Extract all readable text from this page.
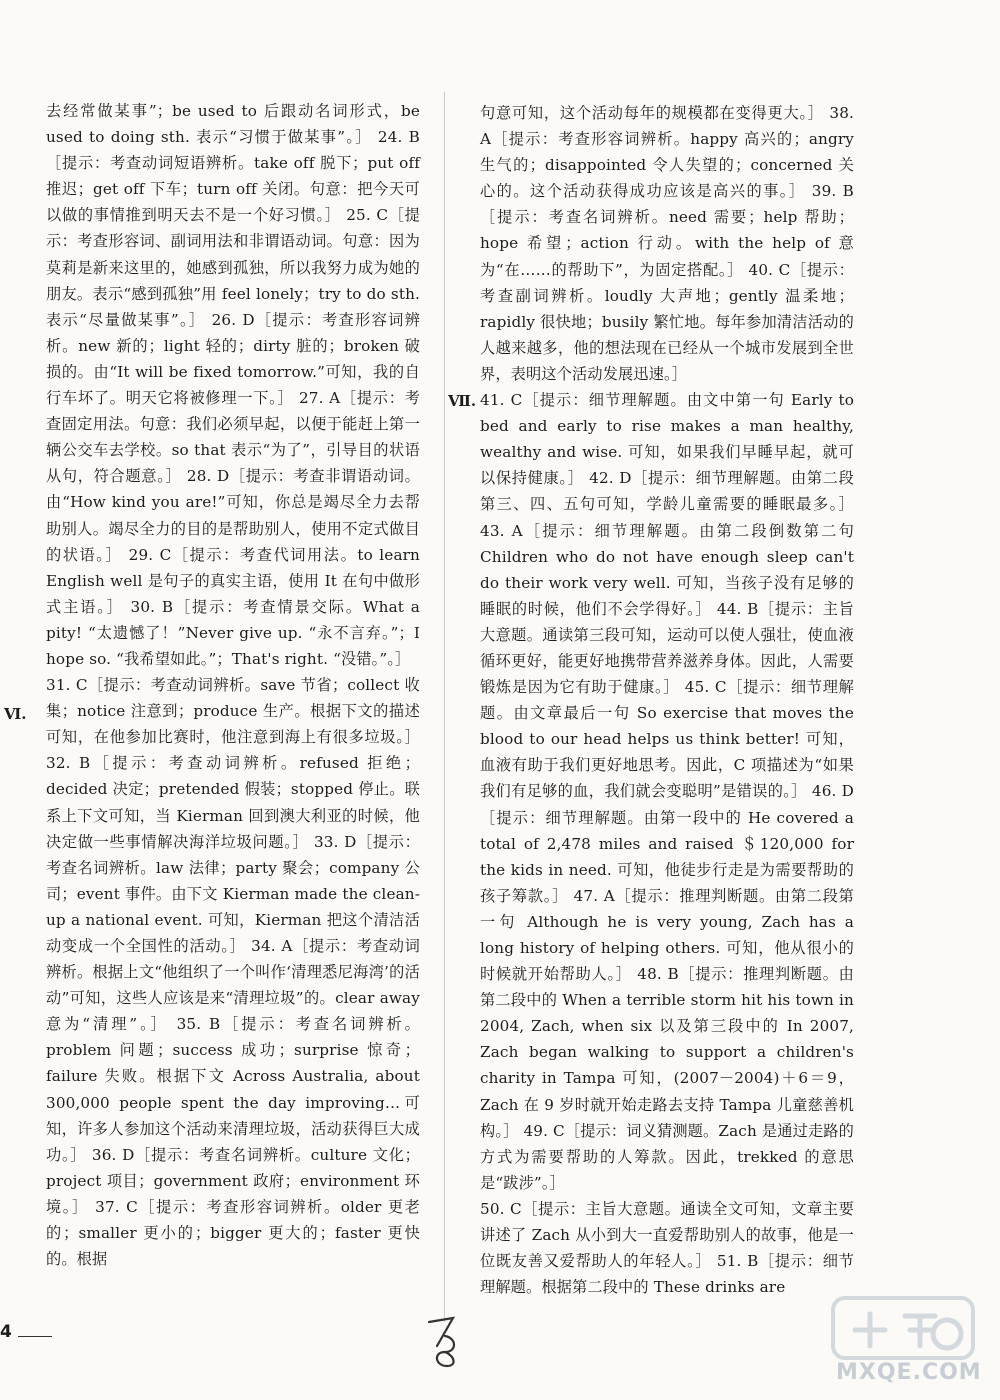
去经常做某事”；be used to 后跟动名词形式，be used to doing sth. 表示“习惯于做某事”。］ 24. B［提示：考查动词短语辨析。take off 脱下；put off 推迟；get off 下车；turn off 关闭。句意：把今天可以做的事情推到明天去不是一个好习惯。］ 25. C［提示：考查形容词、副词用法和非谓语动词。句意：因为莫莉是新来这里的，她感到孤独，所以我努力成为她的朋友。表示“感到孤独”用 feel lonely；try to do sth. 表示“尽量做某事”。］ 26. D［提示：考查形容词辨析。new 新的；light 轻的；dirty 脏的；broken 破损的。由“It will be fixed tomorrow.”可知，我的自行车坏了。明天它将被修理一下。］ 27. A［提示：考查固定用法。句意：我们必须早起，以便于能赶上第一辆公交车去学校。so that 表示“为了”，引导目的状语从句，符合题意。］ 28. D［提示：考查非谓语动词。由“How kind you are!”可知，你总是竭尽全力去帮助别人。竭尽全力的目的是帮助别人，使用不定式做目的状语。］ 29. C［提示：考查代词用法。to learn English well 是句子的真实主语，使用 It 在句中做形式主语。］ 30. B［提示：考查情景交际。What a pity! “太遗憾了！”Never give up. “永不言弃。”；I hope so. “我希望如此。”；That's right. “没错。”。］

31. C［提示：考查动词辨析。save 节省；collect 收集；notice 注意到；produce 生产。根据下文的描述可知，在他参加比赛时，他注意到海上有很多垃圾。］ 32. B［提示：考查动词辨析。refused 拒绝；decided 决定；pretended 假装；stopped 停止。联系上下文可知，当 Kierman 回到澳大利亚的时候，他决定做一些事情解决海洋垃圾问题。］ 33. D［提示：考查名词辨析。law 法律；party 聚会；company 公司；event 事件。由下文 Kierman made the clean-up a national event. 可知，Kierman 把这个清洁活动变成一个全国性的活动。］ 34. A［提示：考查动词辨析。根据上文“他组织了一个叫作‘清理悉尼海湾’的活动”可知，这些人应该是来“清理垃圾”的。clear away 意为“清理”。］ 35. B［提示：考查名词辨析。problem 问题；success 成功；surprise 惊奇；failure 失败。根据下文 Across Australia, about 300,000 people spent the day improving…可知，许多人参加这个活动来清理垃圾，活动获得巨大成功。］ 36. D［提示：考查名词辨析。culture 文化；project 项目；government 政府；environment 环境。］ 37. C［提示：考查形容词辨析。older 更老的；smaller 更小的；bigger 更大的；faster 更快的。根据

Ⅵ.

句意可知，这个活动每年的规模都在变得更大。］ 38. A［提示：考查形容词辨析。happy 高兴的；angry 生气的；disappointed 令人失望的；concerned 关心的。这个活动获得成功应该是高兴的事。］ 39. B［提示：考查名词辨析。need 需要；help 帮助；hope 希望；action 行动。with the help of 意为“在……的帮助下”，为固定搭配。］ 40. C［提示：考查副词辨析。loudly 大声地；gently 温柔地；rapidly 很快地；busily 繁忙地。每年参加清洁活动的人越来越多，他的想法现在已经从一个城市发展到全世界，表明这个活动发展迅速。］

41. C［提示：细节理解题。由文中第一句 Early to bed and early to rise makes a man healthy, wealthy and wise. 可知，如果我们早睡早起，就可以保持健康。］ 42. D［提示：细节理解题。由第二段第三、四、五句可知，学龄儿童需要的睡眠最多。］ 43. A［提示：细节理解题。由第二段倒数第二句 Children who do not have enough sleep can't do their work very well. 可知，当孩子没有足够的睡眠的时候，他们不会学得好。］ 44. B［提示：主旨大意题。通读第三段可知，运动可以使人强壮，使血液循环更好，能更好地携带营养滋养身体。因此，人需要锻炼是因为它有助于健康。］ 45. C［提示：细节理解题。由文章最后一句 So exercise that moves the blood to our head helps us think better! 可知，血液有助于我们更好地思考。因此，C 项描述为“如果我们有足够的血，我们就会变聪明”是错误的。］ 46. D［提示：细节理解题。由第一段中的 He covered a total of 2,478 miles and raised ＄120,000 for the kids in need. 可知，他徒步行走是为需要帮助的孩子筹款。］ 47. A［提示：推理判断题。由第二段第一句 Although he is very young, Zach has a long history of helping others. 可知，他从很小的时候就开始帮助人。］ 48. B［提示：推理判断题。由第二段中的 When a terrible storm hit his town in 2004, Zach, when six 以及第三段中的 In 2007, Zach began walking to support a children's charity in Tampa 可知，(2007－2004)＋6＝9，Zach 在 9 岁时就开始走路去支持 Tampa 儿童慈善机构。］ 49. C［提示：词义猜测题。Zach 是通过走路的方式为需要帮助的人筹款。因此，trekked 的意思是“跋涉”。］

50. C［提示：主旨大意题。通读全文可知，文章主要讲述了 Zach 从小到大一直爱帮助别人的故事，他是一位既友善又爱帮助人的年轻人。］ 51. B［提示：细节理解题。根据第二段中的 These drinks are

Ⅶ.
4
MXQE.COM
